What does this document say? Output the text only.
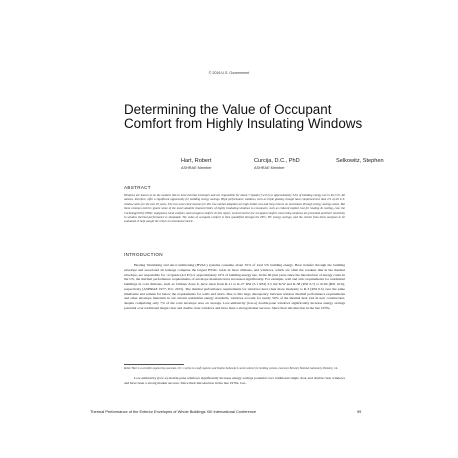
© 2016 U.S. Government
Determining the Value of Occupant Comfort from Highly Insulating Windows
Hart, Robert
ASHRAE Member
Curcija, D.C., PhD
ASHRAE Member
Selkowitz, Stephen
ABSTRACT

Windows are known to be the weakest link in most thermal envelopes and are responsible for about 7 Quads (7.4 EJ) or approximately 34% of building energy use in the U.S. All nations, therefore, offer a significant opportunity for building energy savings. High performance windows, such as triple glazing, though have comprised less than 2% of all U.S. window sales for the last 20 years. The two most cited reasons for this low market adoption are high initial cost and long returns on investment through energy savings alone. But these common metrics ignore some of the most valuable characteristics of highly insulating windows to consumers, such as reduced capital cost for heating & cooling, cost. the Curbeing(2016): HVAC equipment, local comfort, and occupant comfort. In this report, several metrics for occupant comfort concerning windows are presented and their sensitivity to window thermal performance is simulated. The value of occupant comfort is then quantified through the EPC, BC energy savings, and the results from these analyses to be evaluated. It help weight the return on investment metric.

INTRODUCTION

Heating Ventilating and Air-Conditioning (HVAC) systems consume about 35% of total US building energy. Heat transfer through the building envelope and associated air leakage comprise the largest HVAC loads in most climates, and windows, which are often the weakest link in the thermal envelope, are responsible for ~4 Quads (4.2 EJ) or approximately 10% of building energy use. In the 40 plus years since the introduction of energy codes in the US, the thermal performance requirements of envelope materials have increased significantly. For example, wall and attic requirements for residential buildings in cold climates, such as Climate Zone 6, have risen from R-11 to R-27 RSI (5.1 RSI) 3.5 m2·K/W and R-38 (RSI 6.7) to R-60 (RSI 10.6), respectively (ASHRAE 1977; ICC 2015). The thermal performance requirements for windows have risen more modestly to R-3 (RSI 0.5) over the same timeframe and remain far below the requirements for walls and attics. Due to this large discrepancy between window thermal performance requirements and other envelope materials in our current residential energy standards, windows account for nearly 50% of the thermal heat loss in new construction, despite comprising only 7% of the total envelope area on average. Low-emissivity (low-e) double-pane windows significantly increase energy savings potential over traditional single clear and double clear windows and have been a strong market success. Since their introduction in the late 1970s,

Robert Hart is a scientific engineering associate, D.C. Curcija is a staff engineer, and Stephen Selkowitz is senior advisor for building systems, Lawrence Berkeley National Laboratory, Berkeley, CA.

Low-emissivity (low-e) double-pane windows significantly increase energy savings potential over traditional single clear and double clear windows and have been a strong market success. Since their introduction in the late 1970s, low-

Thermal Performance of the Exterior Envelopes of Whole Buildings XIII International Conference	99
